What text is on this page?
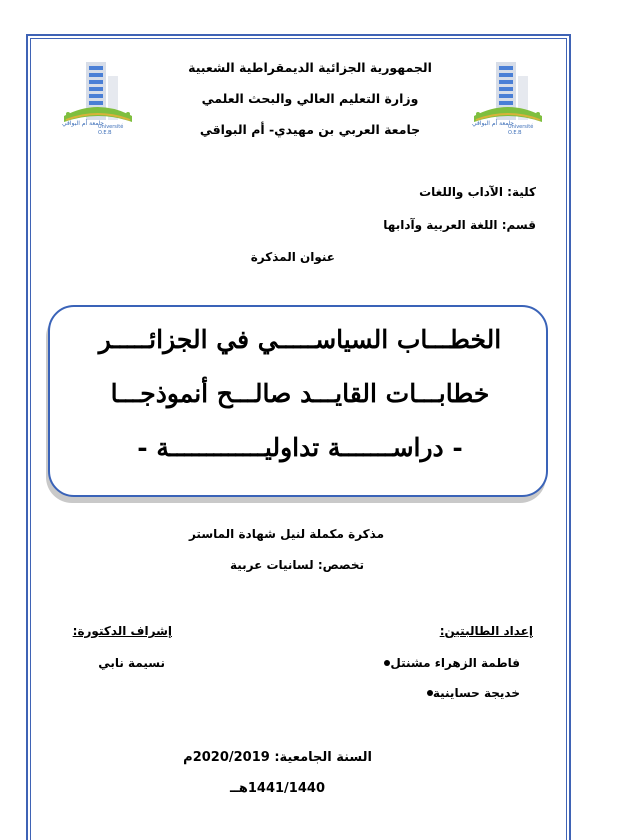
جامعة أم البواقي
Université O.E.B
جامعة أم البواقي
Université O.E.B
الجمهورية الجزائية الديمقراطية الشعبية
وزارة التعليم العالي والبحث العلمي
جامعة العربي بن مهيدي- أم البواقي
كلية: الآداب واللغات
قسم: اللغة العربية وآدابها
عنوان المذكرة
الخطـــاب السياســـــي في الجزائـــــر
خطابـــات القايـــد صالـــح أنموذجـــا
- دراســـــــة تداوليـــــــــــــة -
مذكرة مكملة لنيل شهادة الماستر
تخصص: لسانيات عربية
إعداد الطالبتين:
فاطمة الزهراء مشنتل
خديجة حساينية
إشراف الدكتورة:
نسيمة نابي
السنة الجامعية: 2020/2019م
1441/1440هــ
